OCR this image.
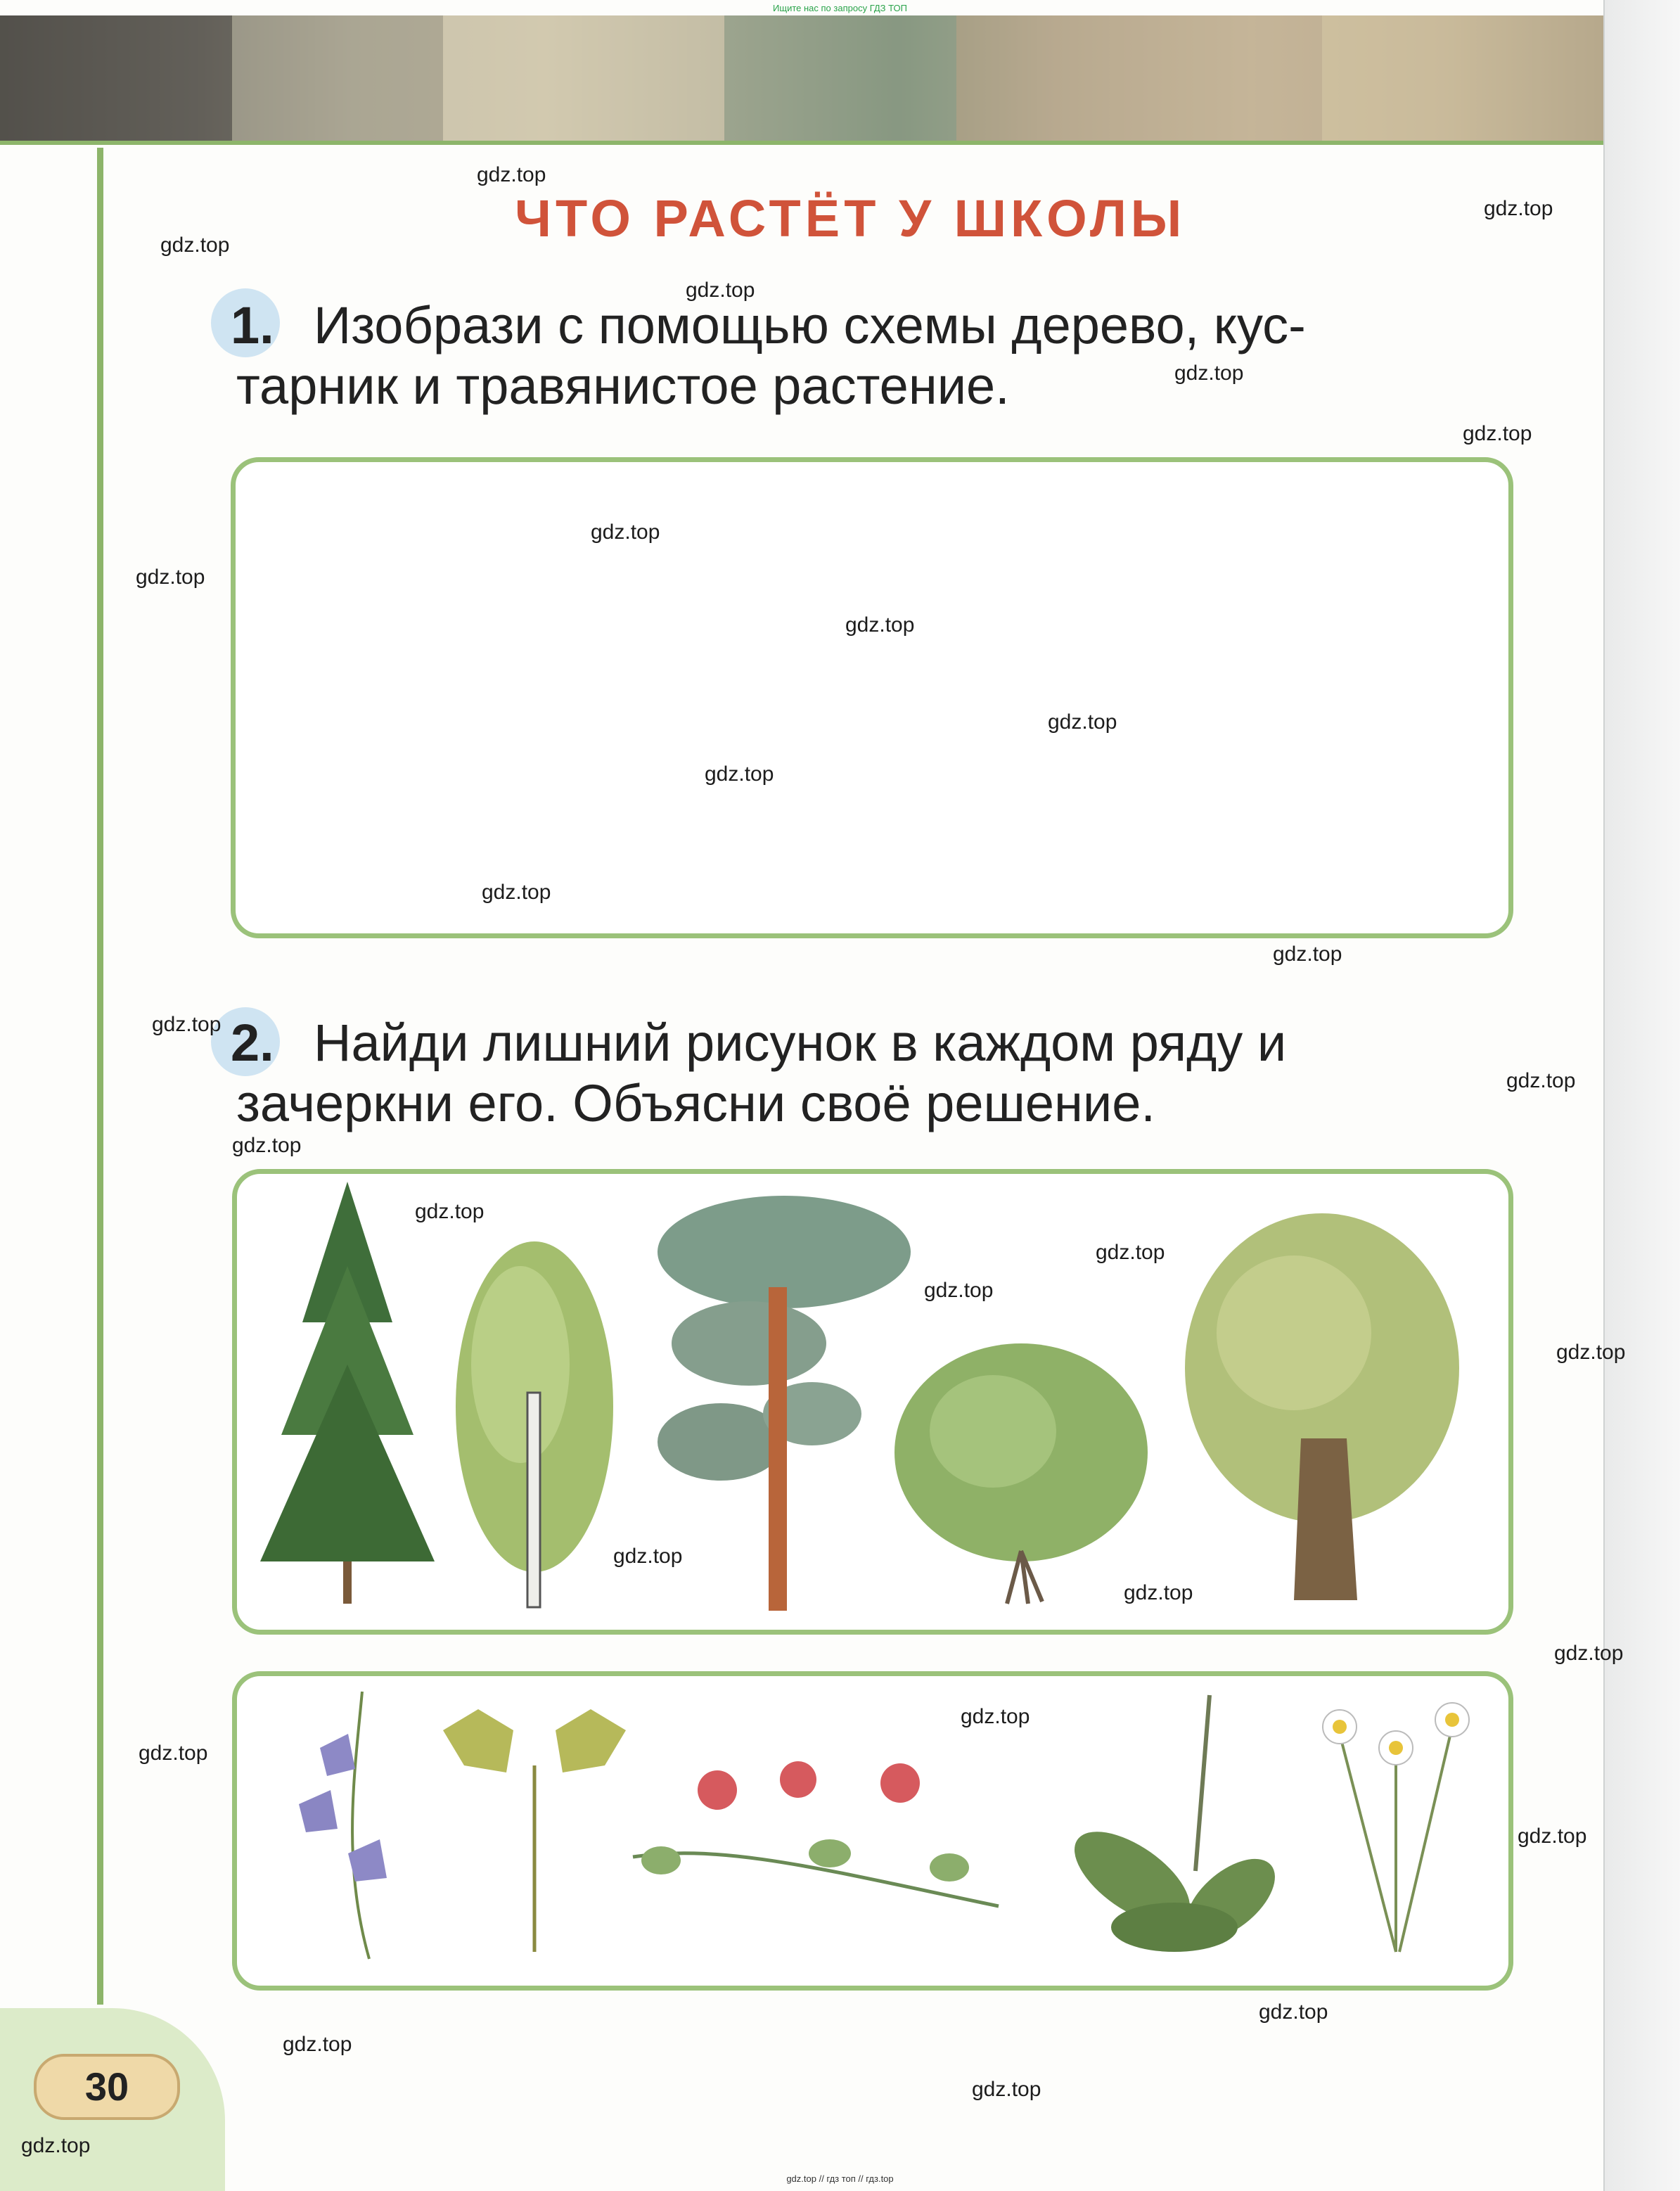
Ищите нас по запросу ГДЗ ТОП
ЧТО РАСТЁТ У ШКОЛЫ
1. Изобрази с помощью схемы дерево, кус-
тарник и травянистое растение.
2. Найди лишний рисунок в каждом ряду и
зачеркни его. Объясни своё решение.
30
gdz.top
gdz.top
gdz.top
gdz.top
gdz.top
gdz.top
gdz.top
gdz.top
gdz.top
gdz.top
gdz.top
gdz.top
gdz.top
gdz.top
gdz.top
gdz.top
gdz.top
gdz.top
gdz.top
gdz.top
gdz.top
gdz.top
gdz.top
gdz.top
gdz.top
gdz.top
gdz.top
gdz.top
gdz.top
gdz.top
gdz.top // гдз топ // гдз.top
